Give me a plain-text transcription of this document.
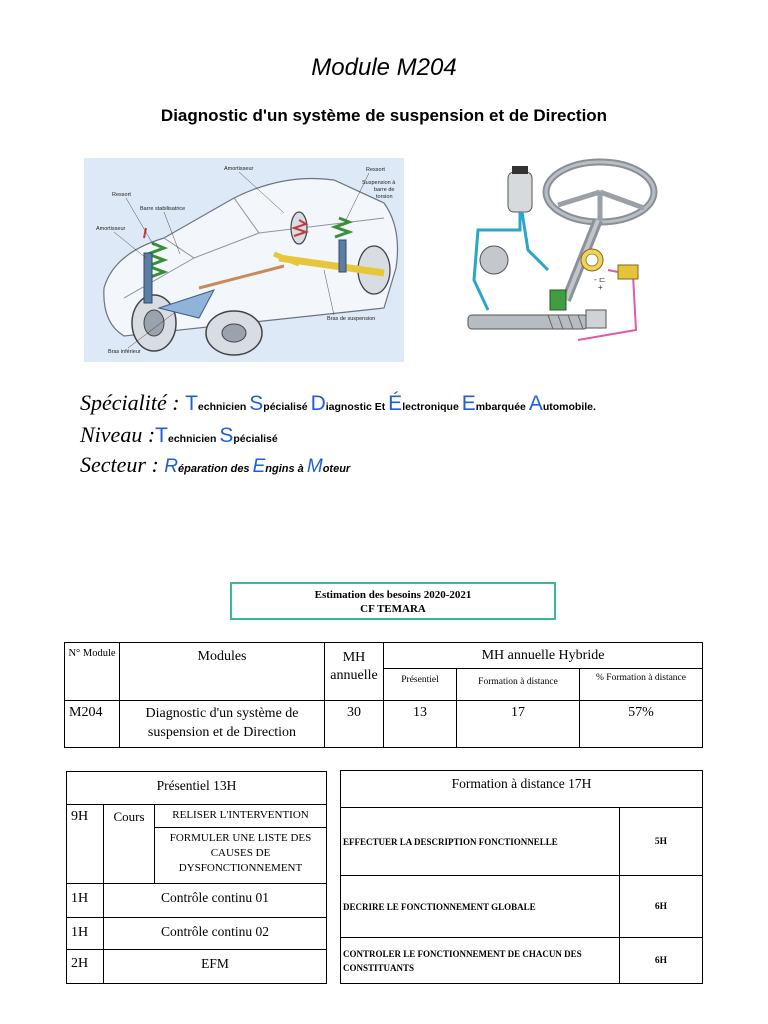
Module M204
Diagnostic d'un système de suspension et de Direction
Amortisseur	Ressort
Suspension à
barre de
torsion
Ressort
Barre stabilisatrice
Amortisseur
Bras de suspension
Bras inférieur
+
- ⊏
Spécialité : Technicien Spécialisé Diagnostic Et Électronique Embarquée Automobile.
Niveau :Technicien Spécialisé
Secteur : Réparation des Engins à Moteur
Estimation des besoins 2020-2021
CF TEMARA
N° Module	Modules	MH annuelle	MH annuelle Hybride		
			Présentiel	Formation à distance	% Formation à distance
M204	Diagnostic d'un système de suspension et de Direction	30	13	17	57%
Présentiel 13H		
9H	Cours	RELISER L'INTERVENTION
		FORMULER UNE LISTE DES CAUSES DE DYSFONCTIONNEMENT
1H	Contrôle continu 01	
1H	Contrôle continu 02	
2H	EFM	
Formation à distance 17H	
EFFECTUER LA DESCRIPTION FONCTIONNELLE	5H
DECRIRE LE FONCTIONNEMENT GLOBALE	6H
CONTROLER LE FONCTIONNEMENT DE CHACUN DES CONSTITUANTS	6H
